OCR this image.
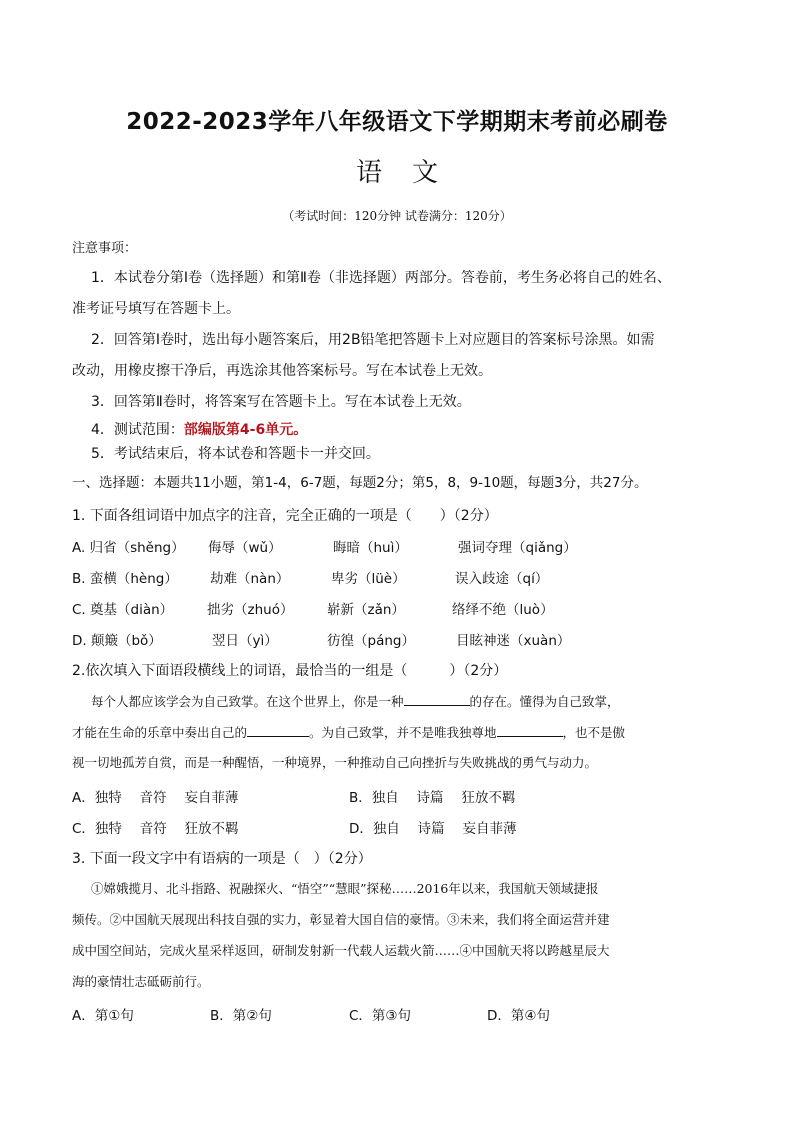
2022-2023学年八年级语文下学期期末考前必刷卷
语文
（考试时间：120分钟 试卷满分：120分）
注意事项：
1．本试卷分第Ⅰ卷（选择题）和第Ⅱ卷（非选择题）两部分。答卷前，考生务必将自己的姓名、
准考证号填写在答题卡上。
2．回答第Ⅰ卷时，选出每小题答案后，用2B铅笔把答题卡上对应题目的答案标号涂黑。如需
改动，用橡皮擦干净后，再选涂其他答案标号。写在本试卷上无效。
3．回答第Ⅱ卷时，将答案写在答题卡上。写在本试卷上无效。
4．测试范围：部编版第4-6单元。
5．考试结束后，将本试卷和答题卡一并交回。
一、选择题：本题共11小题，第1-4，6-7题，每题2分；第5，8，9-10题，每题3分，共27分。
1. 下面各组词语中加点字的注音，完全正确的一项是（　　）（2分）
A. 归省（shěng） 侮辱（wǔ）	晦暗（huì）	强词夺理（qiǎng）
B. 蛮横（hèng） 劫难（nàn）	卑劣（lüè）	误入歧途（qí）
C. 奠基（diàn）	拙劣（zhuó） 崭新（zǎn）	络绎不绝（luò）
D. 颠簸（bǒ）	翌日（yì）	彷徨（páng）	目眩神迷（xuàn）
2.依次填入下面语段横线上的词语，最恰当的一组是（　　　）（2分）
每个人都应该学会为自己致掌。在这个世界上，你是一种	的存在。懂得为自己致掌，
才能在生命的乐章中奏出自己的	。为自己致掌，并不是唯我独尊地	，也不是傲
视一切地孤芳自赏，而是一种醒悟，一种境界，一种推动自己向挫折与失败挑战的勇气与动力。
A．独特　 音符　 妄自菲薄	B．独自　 诗篇　 狂放不羁
C．独特　 音符　 狂放不羁	D．独自　 诗篇　 妄自菲薄
3. 下面一段文字中有语病的一项是（　）（2分）
①嫦娥揽月、北斗指路、祝融探火、“悟空”“慧眼”探秘……2016年以来，我国航天领域捷报
频传。②中国航天展现出科技自强的实力，彰显着大国自信的豪情。③未来，我们将全面运营并建
成中国空间站，完成火星采样返回，研制发射新一代载人运载火箭……④中国航天将以跨越星辰大
海的豪情壮志砥砺前行。
A．第①句	B．第②句	C．第③句	D．第④句
